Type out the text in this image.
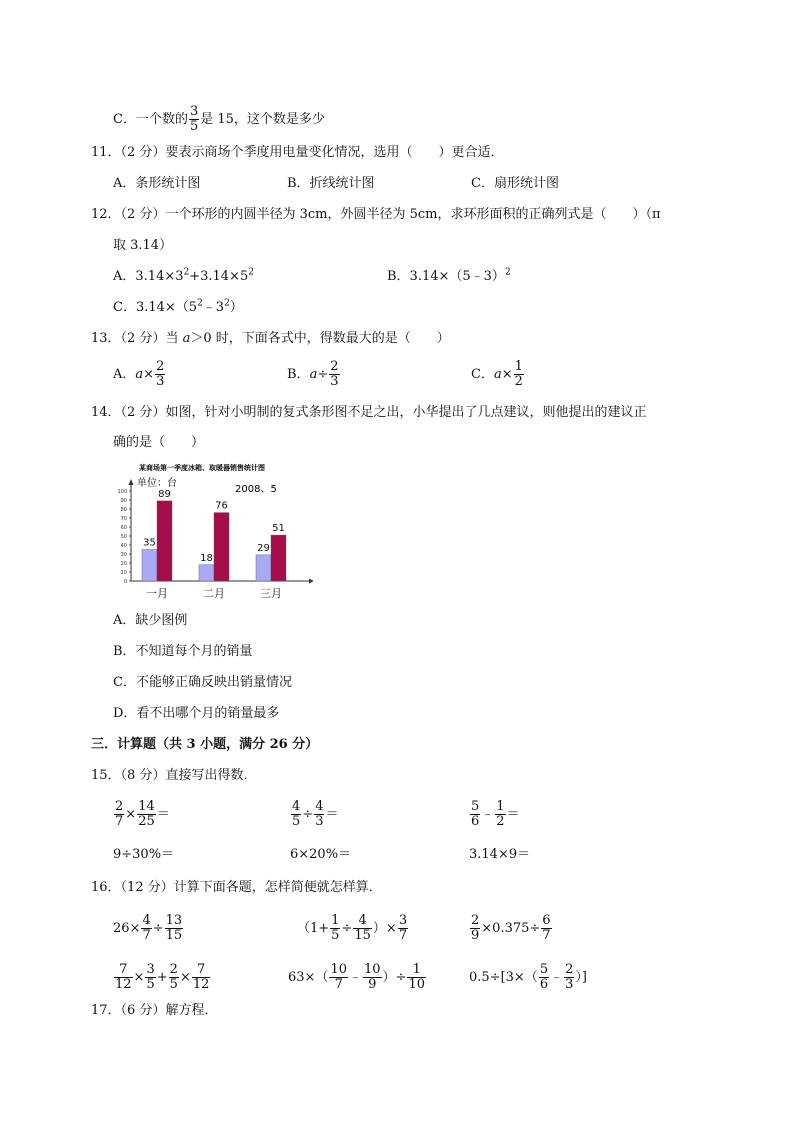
C．一个数的 $\frac{3}{5}$ 是 15，这个数是多少
11．（2 分）要表示商场个季度用电量变化情况，选用（　　）更合适．
A．条形统计图	B．折线统计图	C．扇形统计图
12．（2 分）一个环形的内圆半径为 3cm，外圆半径为 5cm，求环形面积的正确列式是（　　）（π
取 3.14）
A．$3.14\times 3^2+3.14\times 5^2$	B．3.14×（5﹣3）$^2$
C．$3.14\times(5^2﹣3^2)$
13．（2 分）当 a＞0 时，下面各式中，得数最大的是（　　）
A．$a\times \frac{2}{3}$	B．$a\div \frac{2}{3}$	C．$a\times \frac{1}{2}$
14．（2 分）如图，针对小明制的复式条形图不足之出，小华提出了几点建议，则他提出的建议正
确的是（　　）
某商场第一季度冰箱、取暖器销售统计图
单位：台
2008、5
0
10
20
30
40
50
60
70
80
90
100
35
89
一月
18
76
二月
29
51
三月
A．缺少图例
B．不知道每个月的销量
C．不能够正确反映出销量情况
D．看不出哪个月的销量最多
三．计算题（共 3 小题，满分 26 分）
15．（8 分）直接写出得数．
$\frac{2}{7} \times \frac{14}{25}$ ＝	$\frac{4}{5} \div \frac{4}{3}$ ＝	$\frac{5}{6}$ ﹣ $\frac{1}{2}$ ＝
9÷30%＝	6×20%＝	3.14×9＝
16．（12 分）计算下面各题，怎样简便就怎样算．
$26\times \frac{4}{7} \div \frac{13}{15}$	（$1+ \frac{1}{5} \div \frac{4}{15}$ ）× $\frac{3}{7}$	$\frac{2}{9} \times 0.375\div \frac{6}{7}$
$\frac{7}{12} \times \frac{3}{5} + \frac{2}{5} \times \frac{7}{12}$	$63\times( \frac{10}{7}$ ﹣ $\frac{10}{9}$ ）÷ $\frac{1}{10}$	$0.5\div[3\times( \frac{5}{6}$ ﹣ $\frac{2}{3}$ ）]
17．（6 分）解方程．
